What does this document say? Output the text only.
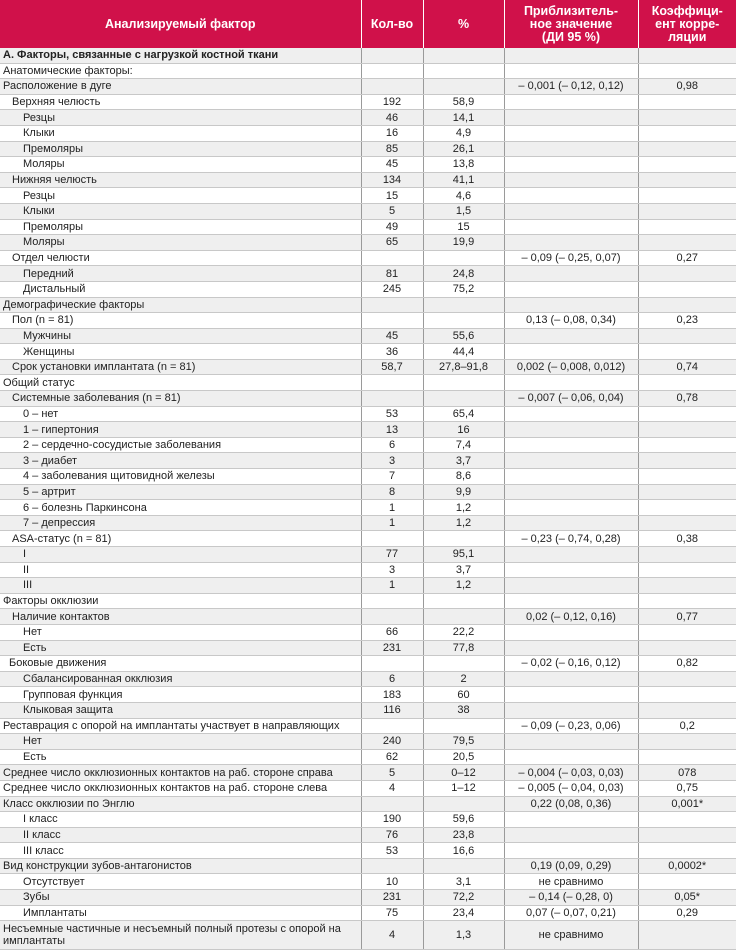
Анализируемый фактор	Кол-во	%	Приблизитель-
ное значение
(ДИ 95 %)	Коэффици-
ент корре-
ляции
А. Факторы, связанные с нагрузкой костной ткани				
Анатомические факторы:				
Расположение в дуге			– 0,001 (– 0,12, 0,12)	0,98
Верхняя челюсть	192	58,9		
Резцы	46	14,1		
Клыки	16	4,9		
Премоляры	85	26,1		
Моляры	45	13,8		
Нижняя челюсть	134	41,1		
Резцы	15	4,6		
Клыки	5	1,5		
Премоляры	49	15		
Моляры	65	19,9		
Отдел челюсти			– 0,09 (– 0,25, 0,07)	0,27
Передний	81	24,8		
Дистальный	245	75,2		
Демографические факторы				
Пол (n = 81)			0,13 (– 0,08, 0,34)	0,23
Мужчины	45	55,6		
Женщины	36	44,4		
Срок установки имплантата (n = 81)	58,7	27,8–91,8	0,002 (– 0,008, 0,012)	0,74
Общий статус				
Системные заболевания (n = 81)			– 0,007 (– 0,06, 0,04)	0,78
0 – нет	53	65,4		
1 – гипертония	13	16		
2 – сердечно-сосудистые заболевания	6	7,4		
3 – диабет	3	3,7		
4 – заболевания щитовидной железы	7	8,6		
5 – артрит	8	9,9		
6 – болезнь Паркинсона	1	1,2		
7 – депрессия	1	1,2		
ASA-статус (n = 81)			– 0,23 (– 0,74, 0,28)	0,38
I	77	95,1		
II	3	3,7		
III	1	1,2		
Факторы окклюзии				
Наличие контактов			0,02 (– 0,12, 0,16)	0,77
Нет	66	22,2		
Есть	231	77,8		
Боковые движения			– 0,02 (– 0,16, 0,12)	0,82
Сбалансированная окклюзия	6	2		
Групповая функция	183	60		
Клыковая защита	116	38		
Реставрация с опорой на имплантаты участвует в направляющих			– 0,09 (– 0,23, 0,06)	0,2
Нет	240	79,5		
Есть	62	20,5		
Среднее число окклюзионных контактов на раб. стороне справа	5	0–12	– 0,004 (– 0,03, 0,03)	078
Среднее число окклюзионных контактов на раб. стороне слева	4	1–12	– 0,005 (– 0,04, 0,03)	0,75
Класс окклюзии по Энглю			0,22 (0,08, 0,36)	0,001*
I класс	190	59,6		
II класс	76	23,8		
III класс	53	16,6		
Вид конструкции зубов-антагонистов			0,19 (0,09, 0,29)	0,0002*
Отсутствует	10	3,1	не сравнимо	
Зубы	231	72,2	– 0,14 (– 0,28, 0)	0,05*
Имплантаты	75	23,4	0,07 (– 0,07, 0,21)	0,29
Несъемные частичные и несъемный полный протезы с опорой на имплантаты	4	1,3	не сравнимо	
